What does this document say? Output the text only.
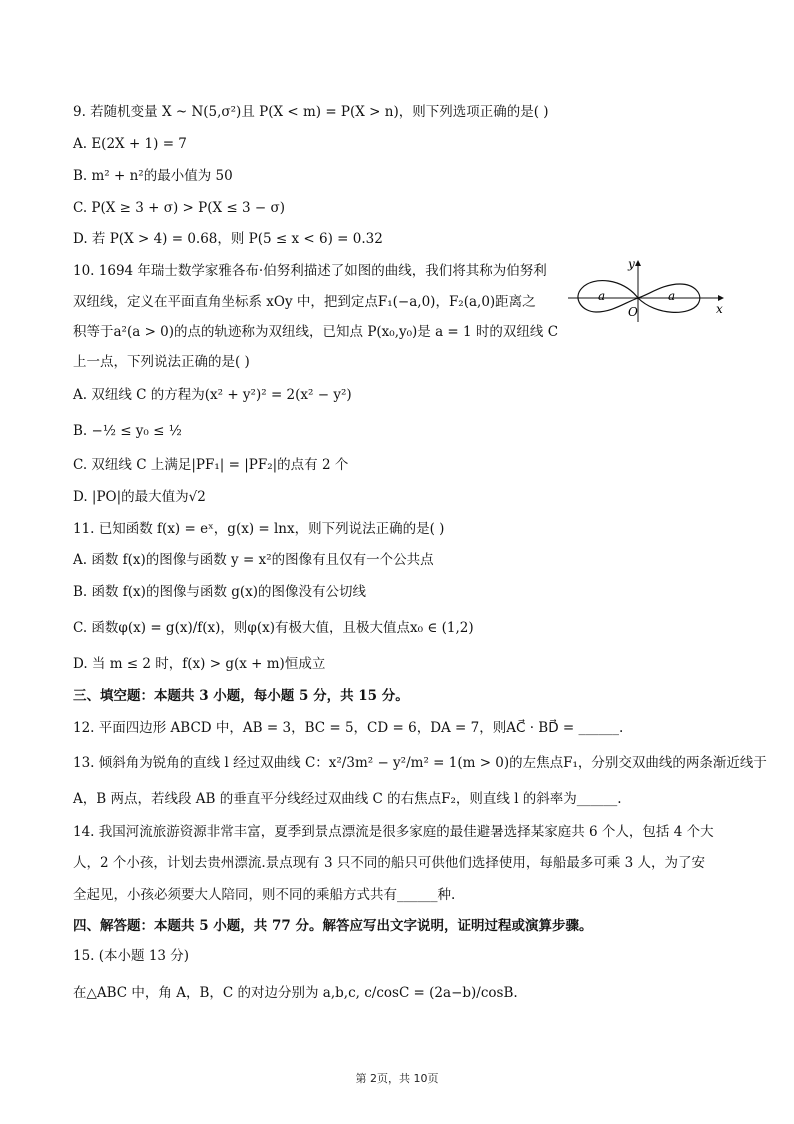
9. 若随机变量 X ~ N(5,σ²)且 P(X < m) = P(X > n)，则下列选项正确的是( )
A. E(2X + 1) = 7
B. m² + n²的最小值为 50
C. P(X ≥ 3 + σ) > P(X ≤ 3 − σ)
D. 若 P(X > 4) = 0.68，则 P(5 ≤ x < 6) = 0.32
10. 1694 年瑞士数学家雅各布·伯努利描述了如图的曲线，我们将其称为伯努利
双纽线，定义在平面直角坐标系 xOy 中，把到定点F₁(−a,0)，F₂(a,0)距离之
积等于a²(a > 0)的点的轨迹称为双纽线，已知点 P(x₀,y₀)是 a = 1 时的双纽线 C
上一点，下列说法正确的是( )
y
x
O
a	a
A. 双纽线 C 的方程为(x² + y²)² = 2(x² − y²)
B. −½ ≤ y₀ ≤ ½
C. 双纽线 C 上满足|PF₁| = |PF₂|的点有 2 个
D. |PO|的最大值为√2
11. 已知函数 f(x) = eˣ，g(x) = lnx，则下列说法正确的是( )
A. 函数 f(x)的图像与函数 y = x²的图像有且仅有一个公共点
B. 函数 f(x)的图像与函数 g(x)的图像没有公切线
C. 函数φ(x) = g(x)/f(x)，则φ(x)有极大值，且极大值点x₀ ∈ (1,2)
D. 当 m ≤ 2 时，f(x) > g(x + m)恒成立
三、填空题：本题共 3 小题，每小题 5 分，共 15 分。
12. 平面四边形 ABCD 中，AB = 3，BC = 5，CD = 6，DA = 7，则AC⃗ · BD⃗ = ______.
13. 倾斜角为锐角的直线 l 经过双曲线 C：x²/3m² − y²/m² = 1(m > 0)的左焦点F₁，分别交双曲线的两条渐近线于
A，B 两点，若线段 AB 的垂直平分线经过双曲线 C 的右焦点F₂，则直线 l 的斜率为______.
14. 我国河流旅游资源非常丰富，夏季到景点漂流是很多家庭的最佳避暑选择某家庭共 6 个人，包括 4 个大
人，2 个小孩，计划去贵州漂流.景点现有 3 只不同的船只可供他们选择使用，每船最多可乘 3 人，为了安
全起见，小孩必须要大人陪同，则不同的乘船方式共有______种.
四、解答题：本题共 5 小题，共 77 分。解答应写出文字说明，证明过程或演算步骤。
15. (本小题 13 分)
在△ABC 中，角 A，B，C 的对边分别为 a,b,c, c/cosC = (2a−b)/cosB.
第 2页，共 10页
